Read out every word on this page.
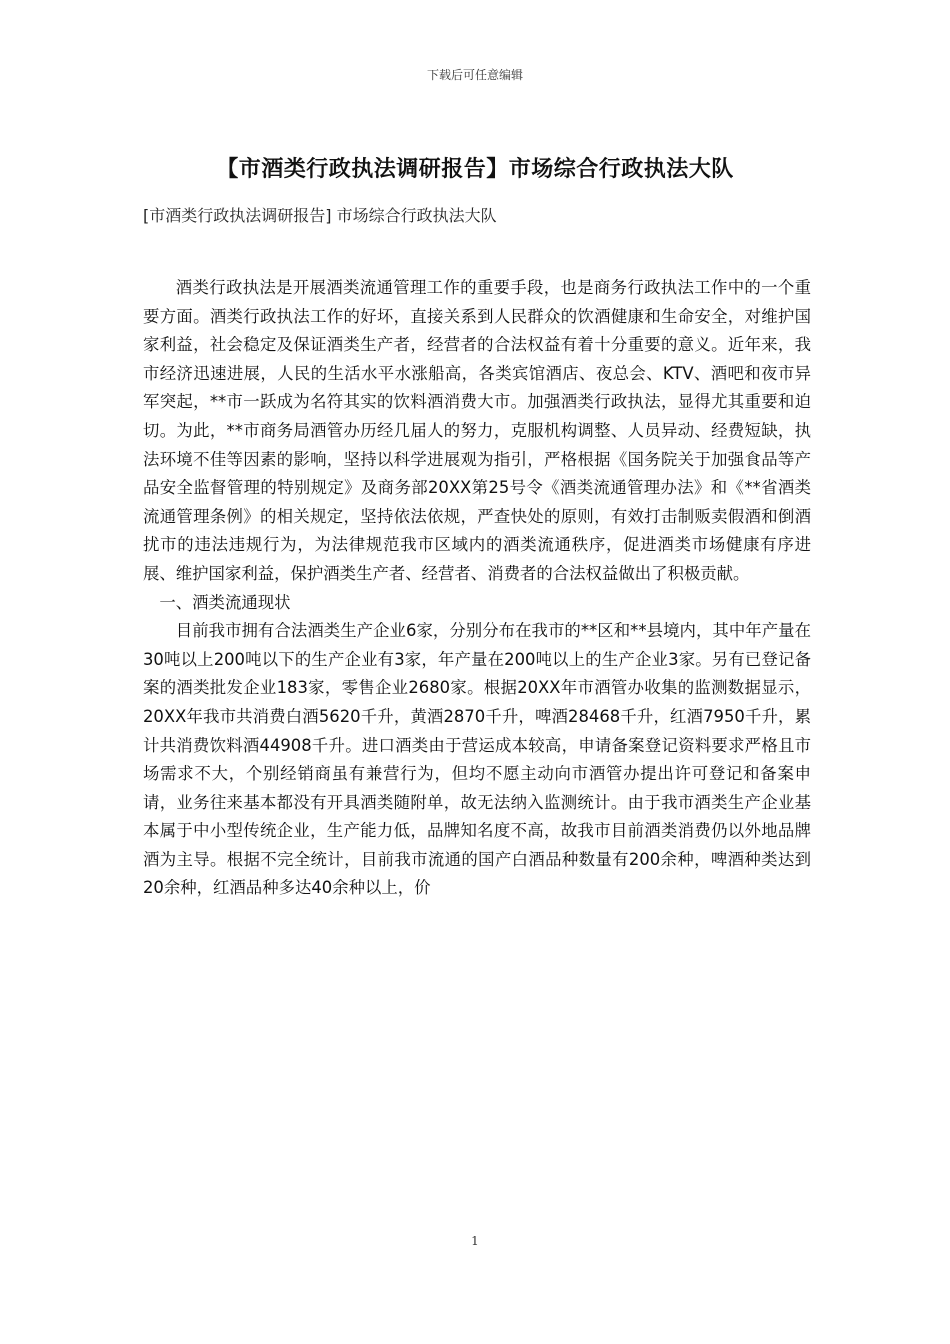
下载后可任意编辑
【市酒类行政执法调研报告】市场综合行政执法大队
[市酒类行政执法调研报告] 市场综合行政执法大队

酒类行政执法是开展酒类流通管理工作的重要手段，也是商务行政执法工作中的一个重要方面。酒类行政执法工作的好坏，直接关系到人民群众的饮酒健康和生命安全，对维护国家利益，社会稳定及保证酒类生产者，经营者的合法权益有着十分重要的意义。近年来，我市经济迅速进展，人民的生活水平水涨船高，各类宾馆酒店、夜总会、KTV、酒吧和夜市异军突起，**市一跃成为名符其实的饮料酒消费大市。加强酒类行政执法，显得尤其重要和迫切。为此，**市商务局酒管办历经几届人的努力，克服机构调整、人员异动、经费短缺，执法环境不佳等因素的影响，坚持以科学进展观为指引，严格根据《国务院关于加强食品等产品安全监督管理的特别规定》及商务部20XX第25号令《酒类流通管理办法》和《**省酒类流通管理条例》的相关规定，坚持依法依规，严查快处的原则，有效打击制贩卖假酒和倒酒扰市的违法违规行为，为法律规范我市区域内的酒类流通秩序，促进酒类市场健康有序进展、维护国家利益，保护酒类生产者、经营者、消费者的合法权益做出了积极贡献。

一、酒类流通现状

目前我市拥有合法酒类生产企业6家，分别分布在我市的**区和**县境内，其中年产量在30吨以上200吨以下的生产企业有3家，年产量在200吨以上的生产企业3家。另有已登记备案的酒类批发企业183家，零售企业2680家。根据20XX年市酒管办收集的监测数据显示，20XX年我市共消费白酒5620千升，黄酒2870千升，啤酒28468千升，红酒7950千升，累计共消费饮料酒44908千升。进口酒类由于营运成本较高，申请备案登记资料要求严格且市场需求不大，个别经销商虽有兼营行为，但均不愿主动向市酒管办提出许可登记和备案申请，业务往来基本都没有开具酒类随附单，故无法纳入监测统计。由于我市酒类生产企业基本属于中小型传统企业，生产能力低，品牌知名度不高，故我市目前酒类消费仍以外地品牌酒为主导。根据不完全统计，目前我市流通的国产白酒品种数量有200余种，啤酒种类达到20余种，红酒品种多达40余种以上，价

1
